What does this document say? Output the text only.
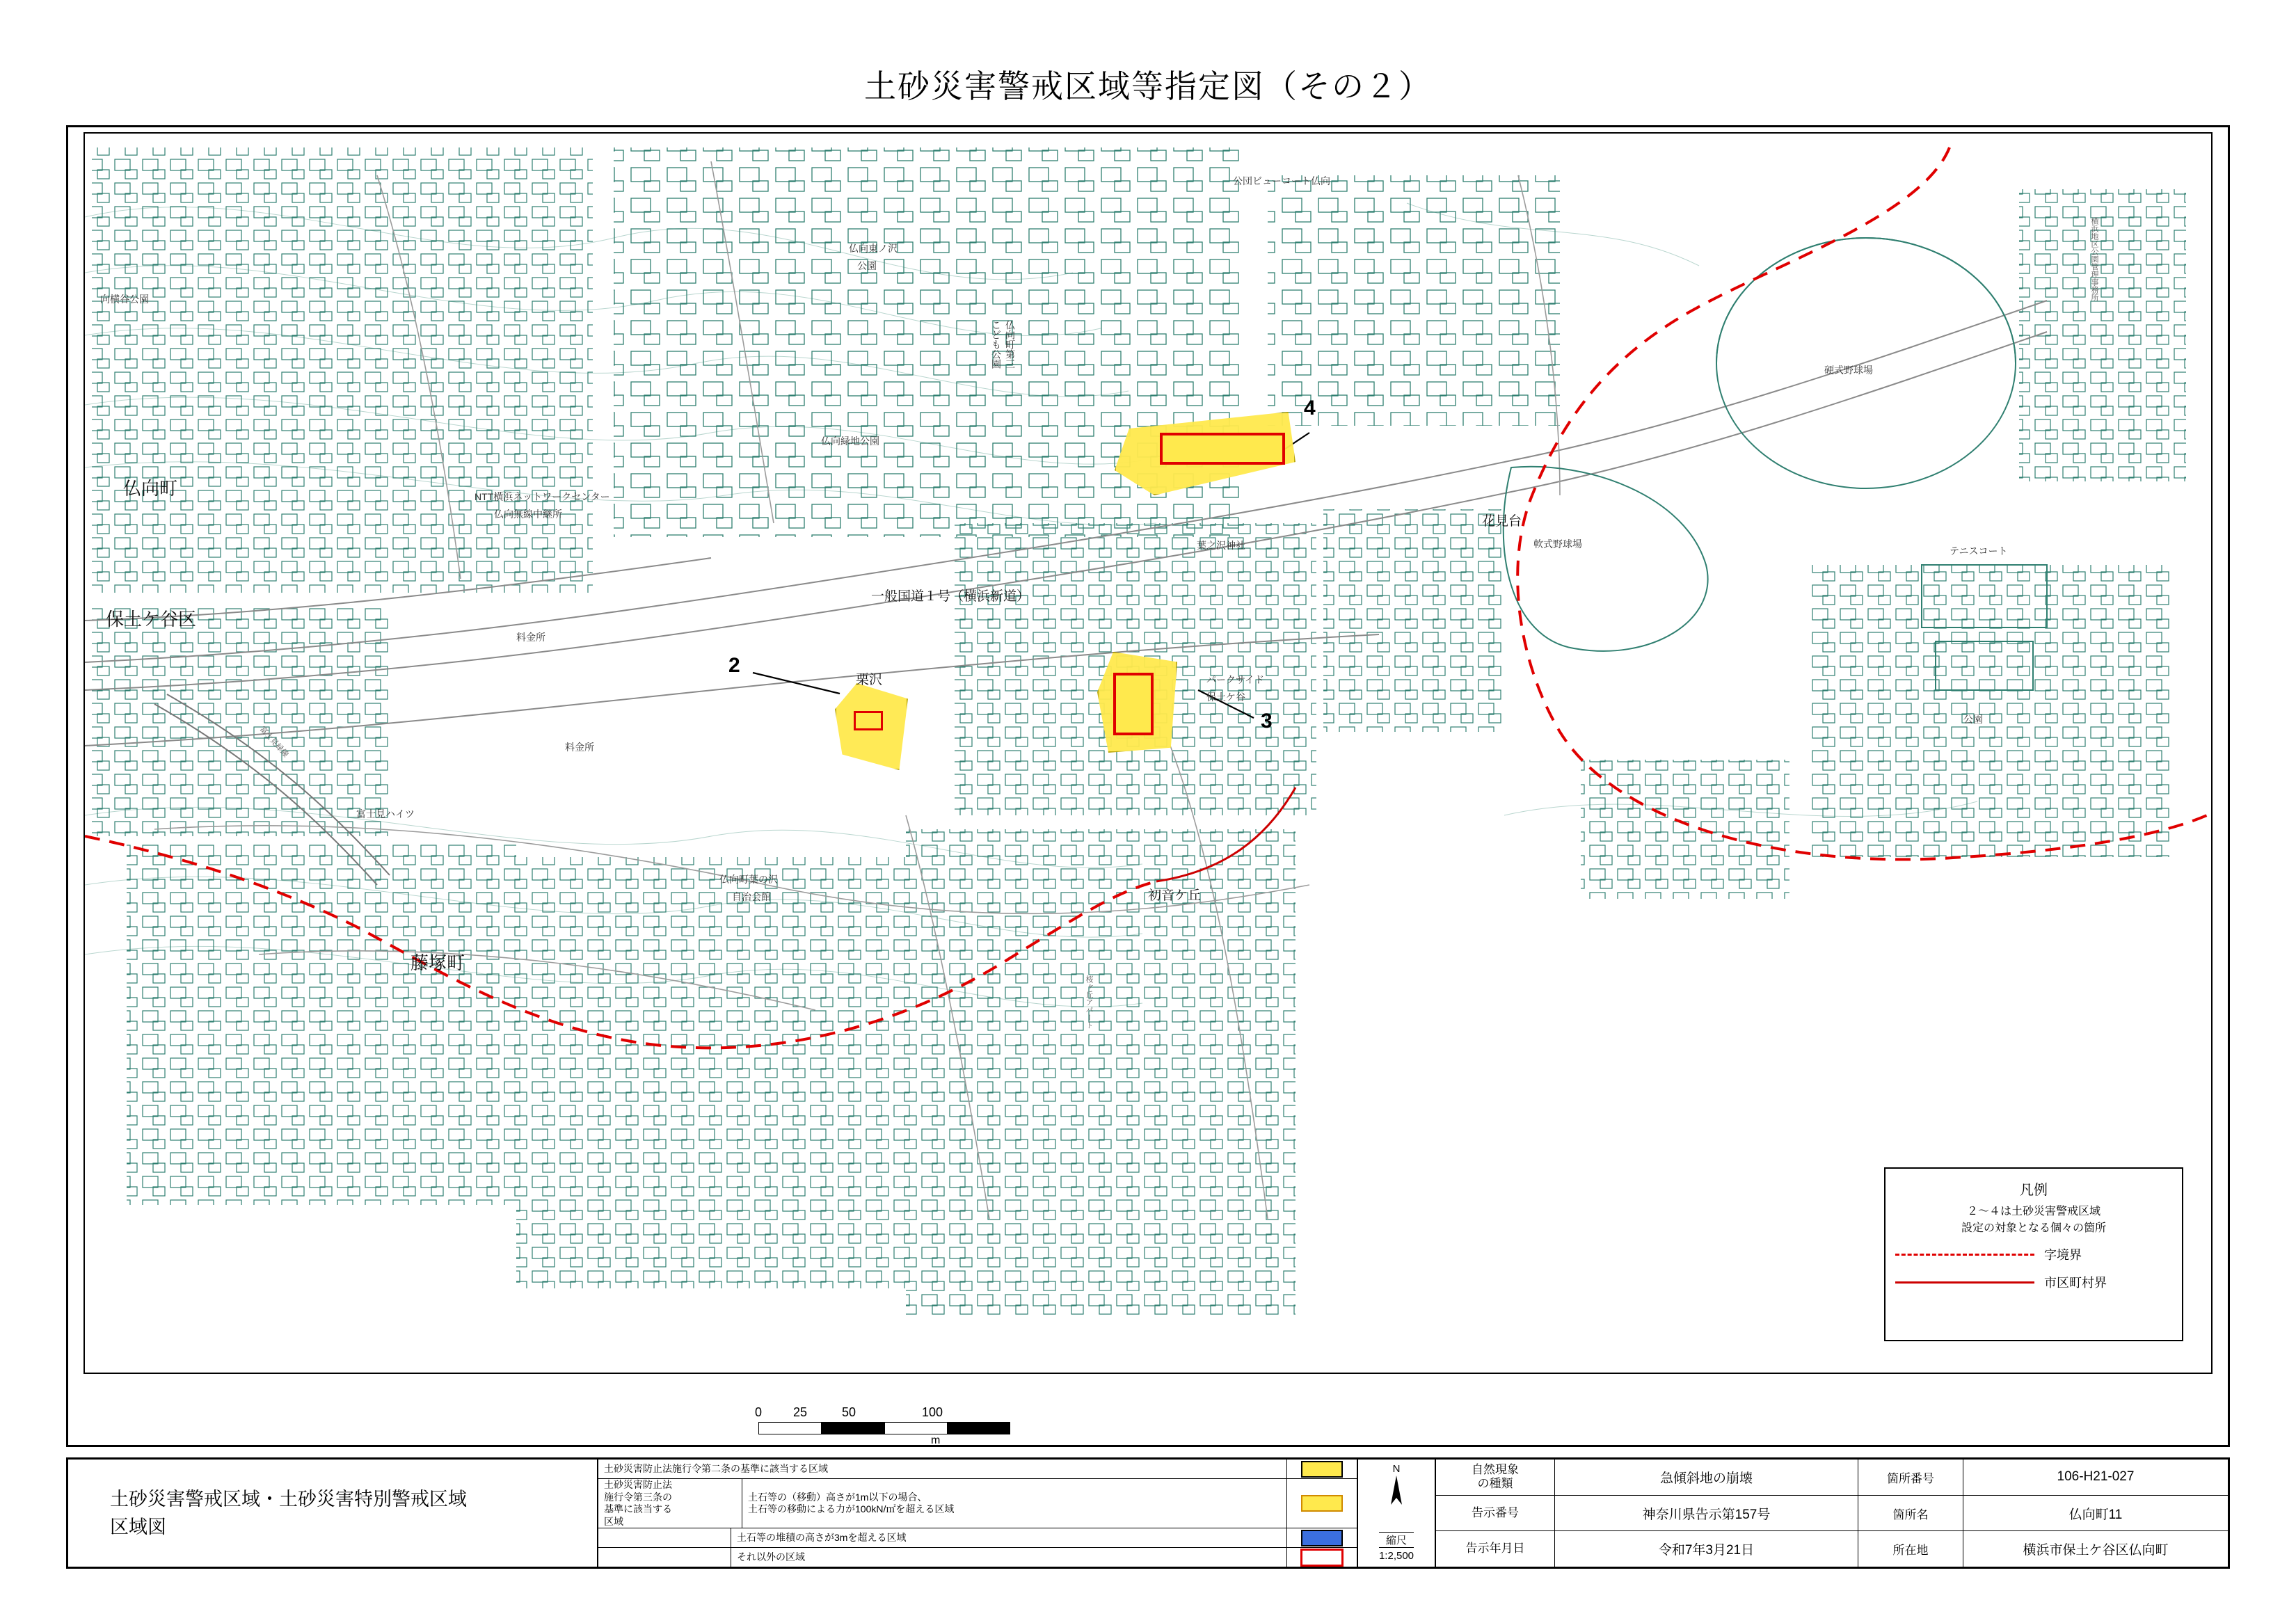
土砂災害警戒区域等指定図（その２）
2
3
4
公団ビューコート仏向
仏向東ノ沢
公園
向横谷公園
仏向町第三
こども公園
仏向緑地公園
仏向町	NTT横浜ネットワークセンター
仏向無線中継所
保土ケ谷区
料金所
栗沢
料金所
一般国道１号（横浜新道）
葉之沢神社
花見台
軟式野球場
硬式野球場
テニスコート
公園
横浜地区公園管理事務所
パークサイド
保土ケ谷
初音ケ丘
富士見ハイツ
仏向町葉の沢
自治会館
藤塚町
桜ヶ丘アパート
富士見緑線
凡例

２～４は土砂災害警戒区域

設定の対象となる個々の箇所

字境界
市区町村界
0 25	50	100
m
土砂災害警戒区域・土砂災害特別警戒区域
区域図
土砂災害防止法施行令第二条の基準に該当する区域
土砂災害防止法
施行令第三条の
基準に該当する
区域
土石等の（移動）高さが1m以下の場合、
土石等の移動による力が100kN/㎡を超える区域
土石等の堆積の高さが3mを超える区域
それ以外の区域
N
縮尺
1:2,500
自然現象
の種類	急傾斜地の崩壊	箇所番号	106-H21-027
告示番号	神奈川県告示第157号	箇所名	仏向町11
告示年月日	令和7年3月21日	所在地	横浜市保土ケ谷区仏向町
